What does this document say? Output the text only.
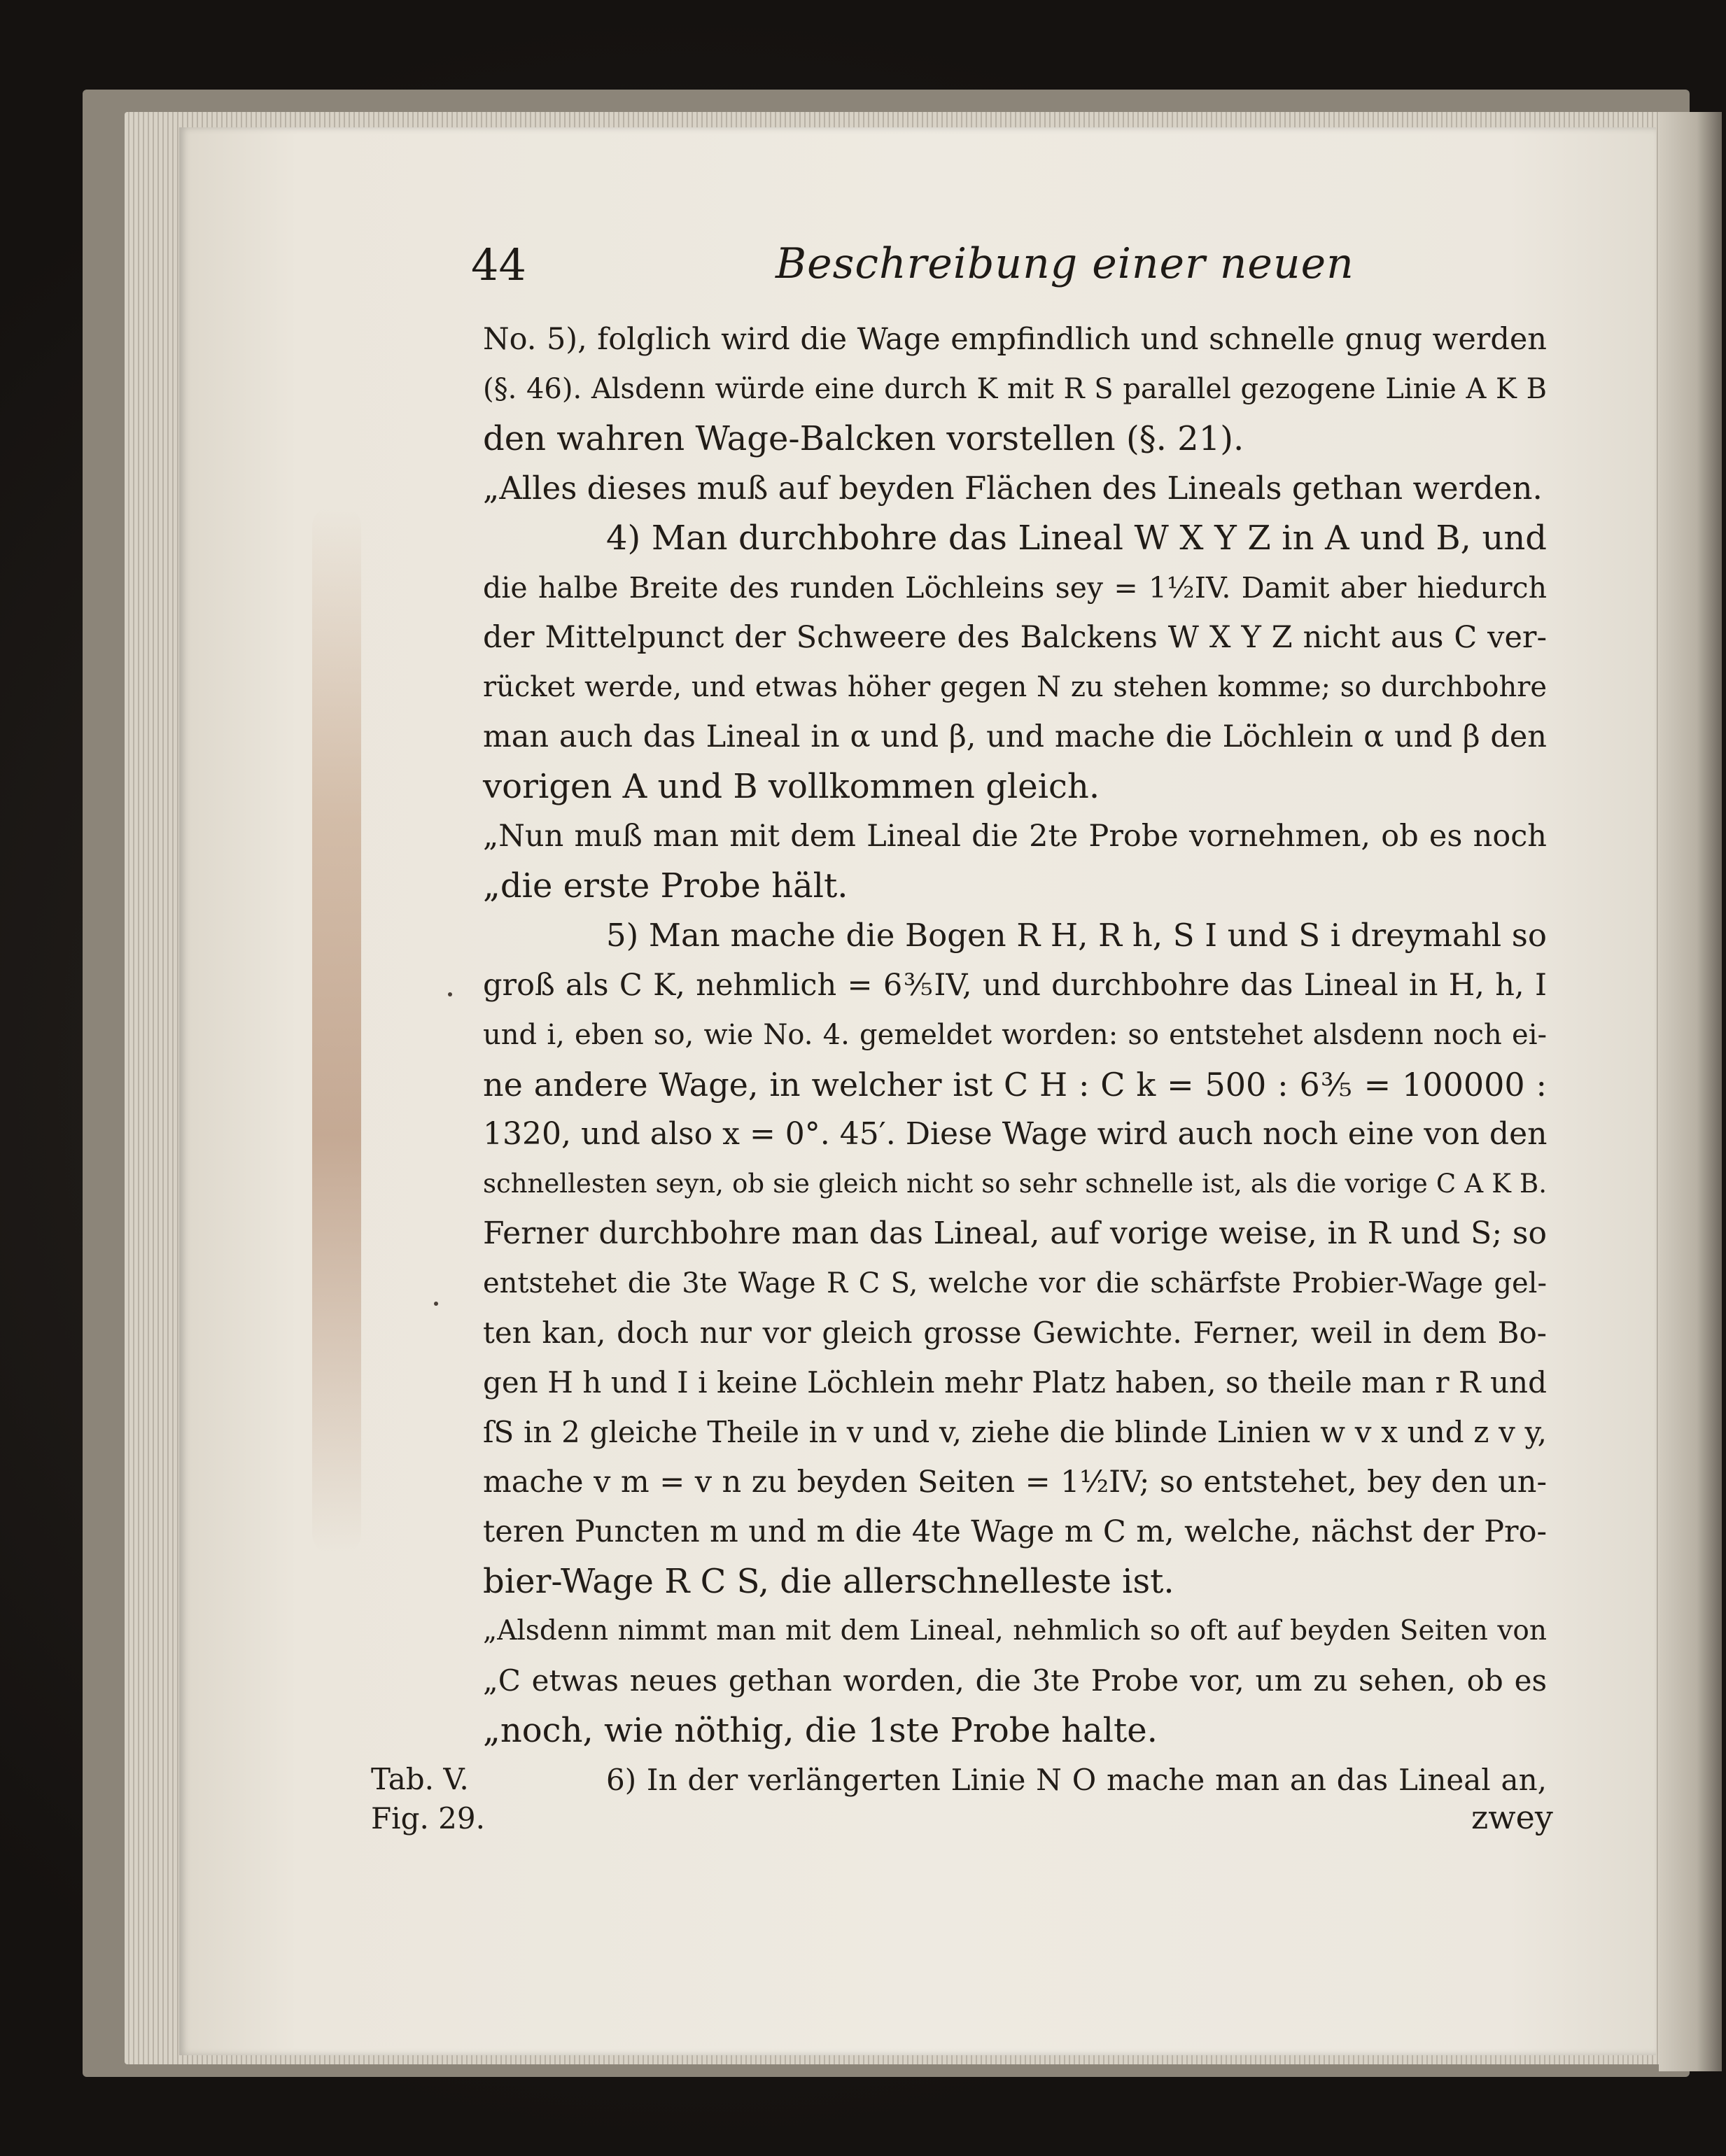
44	Beschreibung einer neuen
No. 5), folglich wird die Wage empfindlich und schnelle gnug werden
(§. 46). Alsdenn würde eine durch K mit R S parallel gezogene Linie A K B
den wahren Wage-Balcken vorstellen (§. 21).
„Alles dieses muß auf beyden Flächen des Lineals gethan werden.
4) Man durchbohre das Lineal W X Y Z in A und B, und
die halbe Breite des runden Löchleins sey = 1½IV. Damit aber hiedurch
der Mittelpunct der Schweere des Balckens W X Y Z nicht aus C ver-
rücket werde, und etwas höher gegen N zu stehen komme; so durchbohre
man auch das Lineal in α und β, und mache die Löchlein α und β den
vorigen A und B vollkommen gleich.
„Nun muß man mit dem Lineal die 2te Probe vornehmen, ob es noch
„die erste Probe hält.
5) Man mache die Bogen R H, R h, S I und S i dreymahl so
groß als C K, nehmlich = 6⅗IV, und durchbohre das Lineal in H, h, I
und i, eben so, wie No. 4. gemeldet worden: so entstehet alsdenn noch ei-
ne andere Wage, in welcher ist C H : C k = 500 : 6⅗ = 100000 :
1320, und also x = 0°. 45′. Diese Wage wird auch noch eine von den
schnellesten seyn, ob sie gleich nicht so sehr schnelle ist, als die vorige C A K B.
Ferner durchbohre man das Lineal, auf vorige weise, in R und S; so
entstehet die 3te Wage R C S, welche vor die schärfste Probier-Wage gel-
ten kan, doch nur vor gleich grosse Gewichte. Ferner, weil in dem Bo-
gen H h und I i keine Löchlein mehr Platz haben, so theile man r R und
ſS in 2 gleiche Theile in v und v, ziehe die blinde Linien w v x und z v y,
mache v m = v n zu beyden Seiten = 1½IV; so entstehet, bey den un-
teren Puncten m und m die 4te Wage m C m, welche, nächst der Pro-
bier-Wage R C S, die allerschnelleste ist.
„Alsdenn nimmt man mit dem Lineal, nehmlich so oft auf beyden Seiten von
„C etwas neues gethan worden, die 3te Probe vor, um zu sehen, ob es
„noch, wie nöthig, die 1ste Probe halte.
6) In der verlängerten Linie N O mache man an das Lineal an,
Tab. V.
Fig. 29.	zwey
